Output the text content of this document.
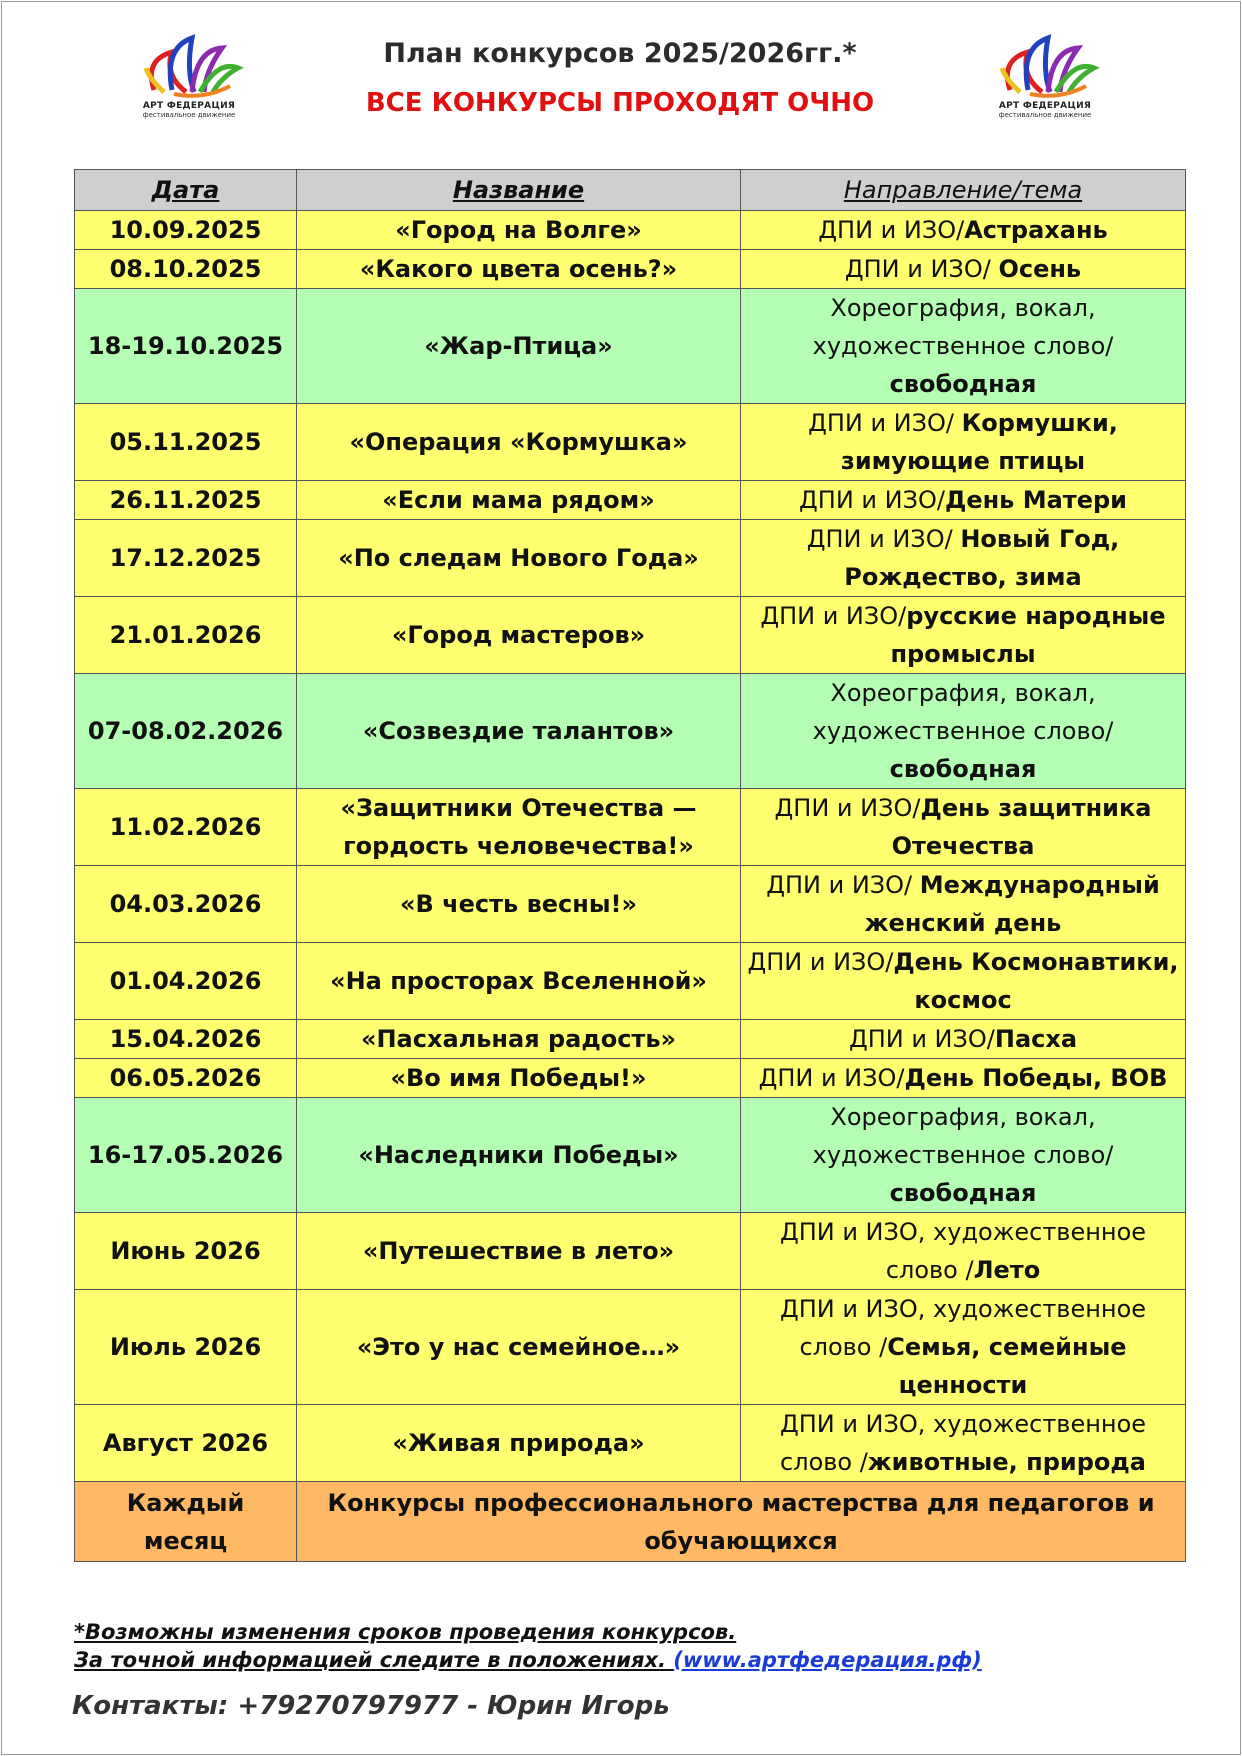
АРТ ФЕДЕРАЦИЯ
фестивальное движение
АРТ ФЕДЕРАЦИЯ
фестивальное движение
План конкурсов 2025/2026гг.*
ВСЕ КОНКУРСЫ ПРОХОДЯТ ОЧНО
Дата	Название	Направление/тема
10.09.2025	«Город на Волге»	ДПИ и ИЗО/Астрахань
08.10.2025	«Какого цвета осень?»	ДПИ и ИЗО/ Осень
18-19.10.2025	«Жар-Птица»	Хореография, вокал, художественное слово/ свободная
05.11.2025	«Операция «Кормушка»	ДПИ и ИЗО/ Кормушки, зимующие птицы
26.11.2025	«Если мама рядом»	ДПИ и ИЗО/День Матери
17.12.2025	«По следам Нового Года»	ДПИ и ИЗО/ Новый Год, Рождество, зима
21.01.2026	«Город мастеров»	ДПИ и ИЗО/русские народные промыслы
07-08.02.2026	«Созвездие талантов»	Хореография, вокал, художественное слово/ свободная
11.02.2026	«Защитники Отечества — гордость человечества!»	ДПИ и ИЗО/День защитника Отечества
04.03.2026	«В честь весны!»	ДПИ и ИЗО/ Международный женский день
01.04.2026	«На просторах Вселенной»	ДПИ и ИЗО/День Космонавтики, космос
15.04.2026	«Пасхальная радость»	ДПИ и ИЗО/Пасха
06.05.2026	«Во имя Победы!»	ДПИ и ИЗО/День Победы, ВОВ
16-17.05.2026	«Наследники Победы»	Хореография, вокал, художественное слово/ свободная
Июнь 2026	«Путешествие в лето»	ДПИ и ИЗО, художественное слово /Лето
Июль 2026	«Это у нас семейное…»	ДПИ и ИЗО, художественное слово /Семья, семейные ценности
Август 2026	«Живая природа»	ДПИ и ИЗО, художественное слово /животные, природа
Каждый месяц	Конкурсы профессионального мастерства для педагогов и обучающихся	
*Возможны изменения сроков проведения конкурсов.
За точной информацией следите в положениях. (www.артфедерация.рф)
Контакты: +79270797977 - Юрин Игорь
